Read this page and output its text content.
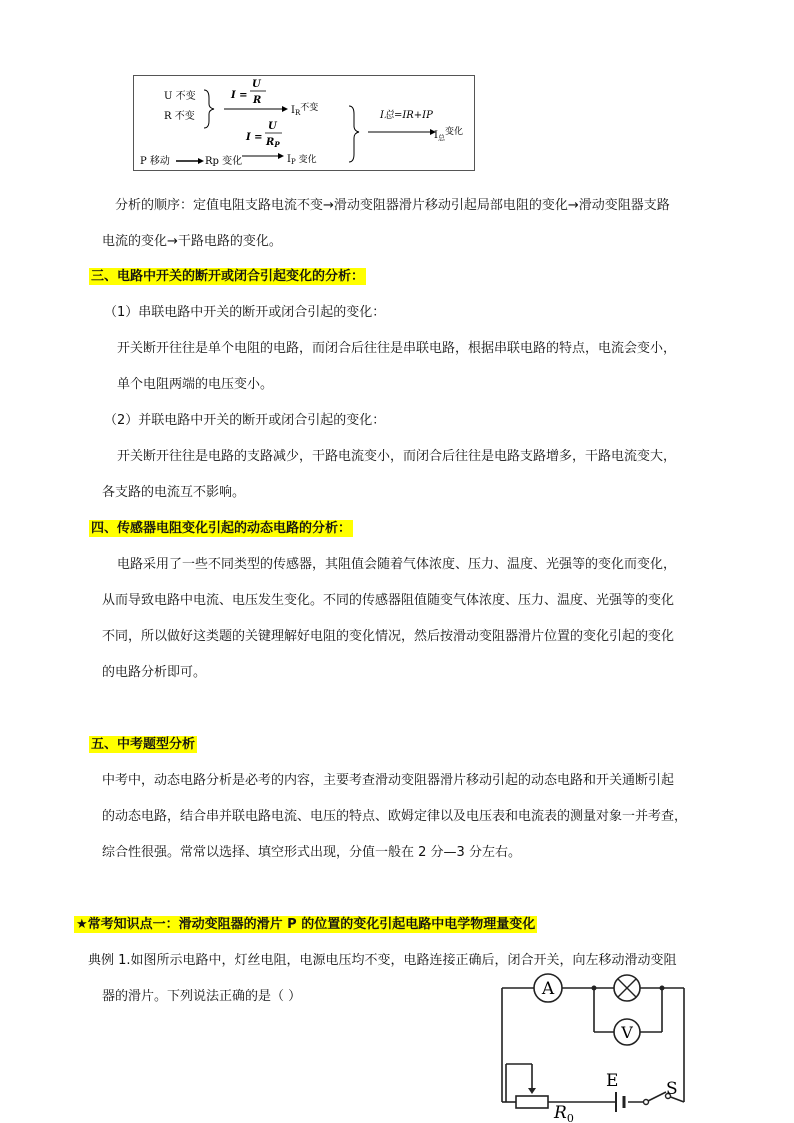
U 不变
R 不变
I =
U
R
$I_R$不变
I =
U
$R_P$
P 移动	Rp 变化	$I_P$ 变化
I总=IR+IP
$I_总$变化
分析的顺序：定值电阻支路电流不变→滑动变阻器滑片移动引起局部电阻的变化→滑动变阻器支路
电流的变化→干路电路的变化。
三、电路中开关的断开或闭合引起变化的分析：
（1）串联电路中开关的断开或闭合引起的变化：
开关断开往往是单个电阻的电路，而闭合后往往是串联电路，根据串联电路的特点，电流会变小，
单个电阻两端的电压变小。
（2）并联电路中开关的断开或闭合引起的变化：
开关断开往往是电路的支路减少，干路电流变小，而闭合后往往是电路支路增多，干路电流变大，
各支路的电流互不影响。
四、传感器电阻变化引起的动态电路的分析：
电路采用了一些不同类型的传感器，其阻值会随着气体浓度、压力、温度、光强等的变化而变化，
从而导致电路中电流、电压发生变化。不同的传感器阻值随变气体浓度、压力、温度、光强等的变化
不同，所以做好这类题的关键理解好电阻的变化情况，然后按滑动变阻器滑片位置的变化引起的变化
的电路分析即可。
五、中考题型分析
中考中，动态电路分析是必考的内容，主要考查滑动变阻器滑片移动引起的动态电路和开关通断引起
的动态电路，结合串并联电路电流、电压的特点、欧姆定律以及电压表和电流表的测量对象一并考查，
综合性很强。常常以选择、填空形式出现，分值一般在 2 分—3 分左右。
★常考知识点一：滑动变阻器的滑片 P 的位置的变化引起电路中电学物理量变化
典例 1.如图所示电路中，灯丝电阻，电源电压均不变，电路连接正确后，闭合开关，向左移动滑动变阻
器的滑片。下列说法正确的是（ ）	A
V
$R_0$
E	S
